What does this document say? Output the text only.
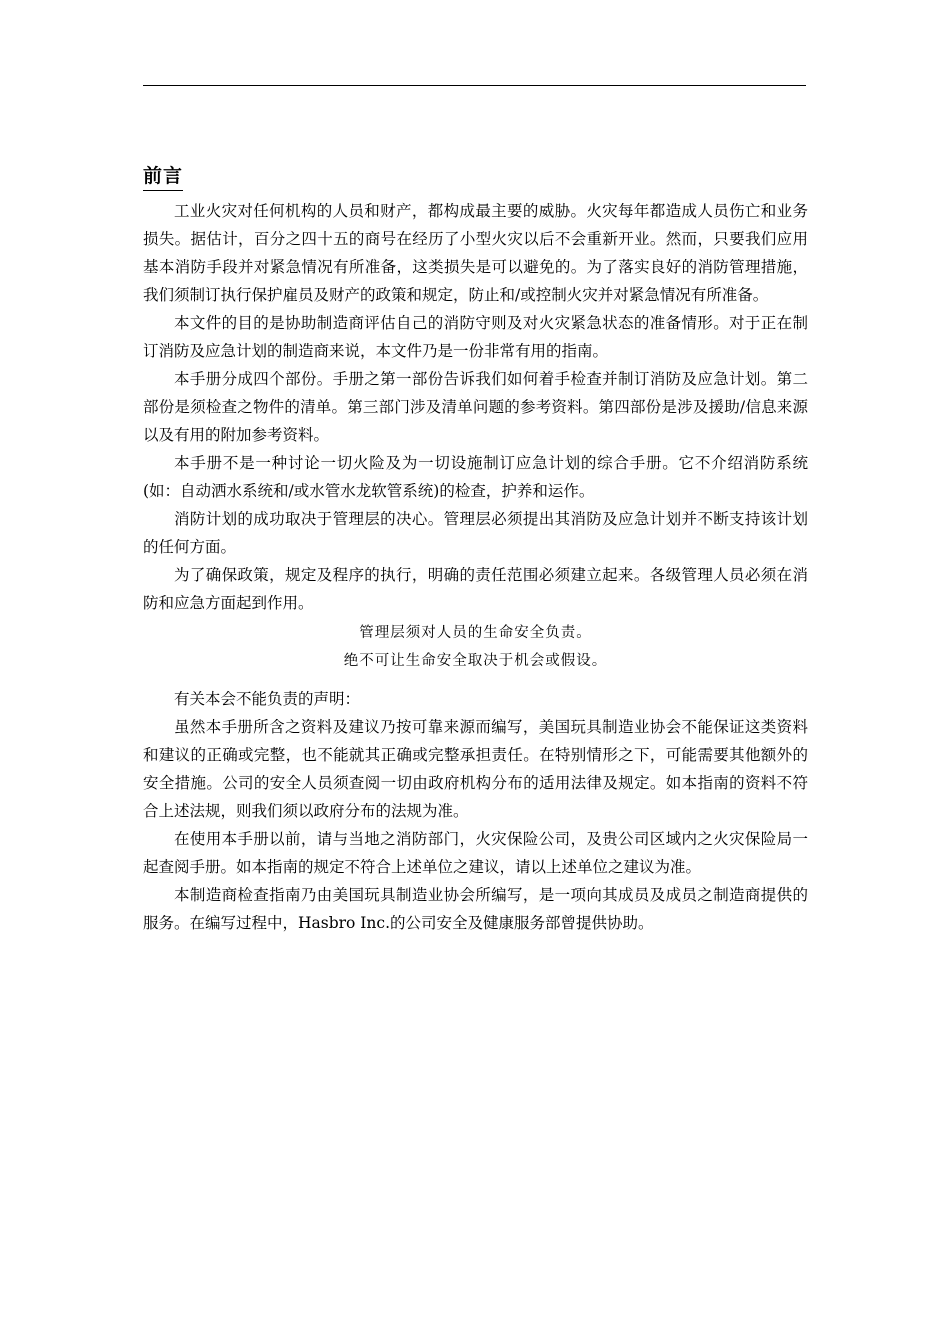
前言

工业火灾对任何机构的人员和财产，都构成最主要的威胁。火灾每年都造成人员伤亡和业务损失。据估计，百分之四十五的商号在经历了小型火灾以后不会重新开业。然而，只要我们应用基本消防手段并对紧急情况有所准备，这类损失是可以避免的。为了落实良好的消防管理措施，我们须制订执行保护雇员及财产的政策和规定，防止和/或控制火灾并对紧急情况有所准备。

本文件的目的是协助制造商评估自己的消防守则及对火灾紧急状态的准备情形。对于正在制订消防及应急计划的制造商来说，本文件乃是一份非常有用的指南。

本手册分成四个部份。手册之第一部份告诉我们如何着手检查并制订消防及应急计划。第二部份是须检查之物件的清单。第三部门涉及清单问题的参考资料。第四部份是涉及援助/信息来源以及有用的附加参考资料。

本手册不是一种讨论一切火险及为一切设施制订应急计划的综合手册。它不介绍消防系统(如：自动洒水系统和/或水管水龙软管系统)的检查，护养和运作。

消防计划的成功取决于管理层的决心。管理层必须提出其消防及应急计划并不断支持该计划的任何方面。

为了确保政策，规定及程序的执行，明确的责任范围必须建立起来。各级管理人员必须在消防和应急方面起到作用。

管理层须对人员的生命安全负责。
绝不可让生命安全取决于机会或假设。

有关本会不能负责的声明：

虽然本手册所含之资料及建议乃按可靠来源而编写，美国玩具制造业协会不能保证这类资料和建议的正确或完整，也不能就其正确或完整承担责任。在特别情形之下，可能需要其他额外的安全措施。公司的安全人员须查阅一切由政府机构分布的适用法律及规定。如本指南的资料不符合上述法规，则我们须以政府分布的法规为准。

在使用本手册以前，请与当地之消防部门，火灾保险公司，及贵公司区域内之火灾保险局一起查阅手册。如本指南的规定不符合上述单位之建议，请以上述单位之建议为准。

本制造商检查指南乃由美国玩具制造业协会所编写，是一项向其成员及成员之制造商提供的服务。在编写过程中，Hasbro Inc.的公司安全及健康服务部曾提供协助。
